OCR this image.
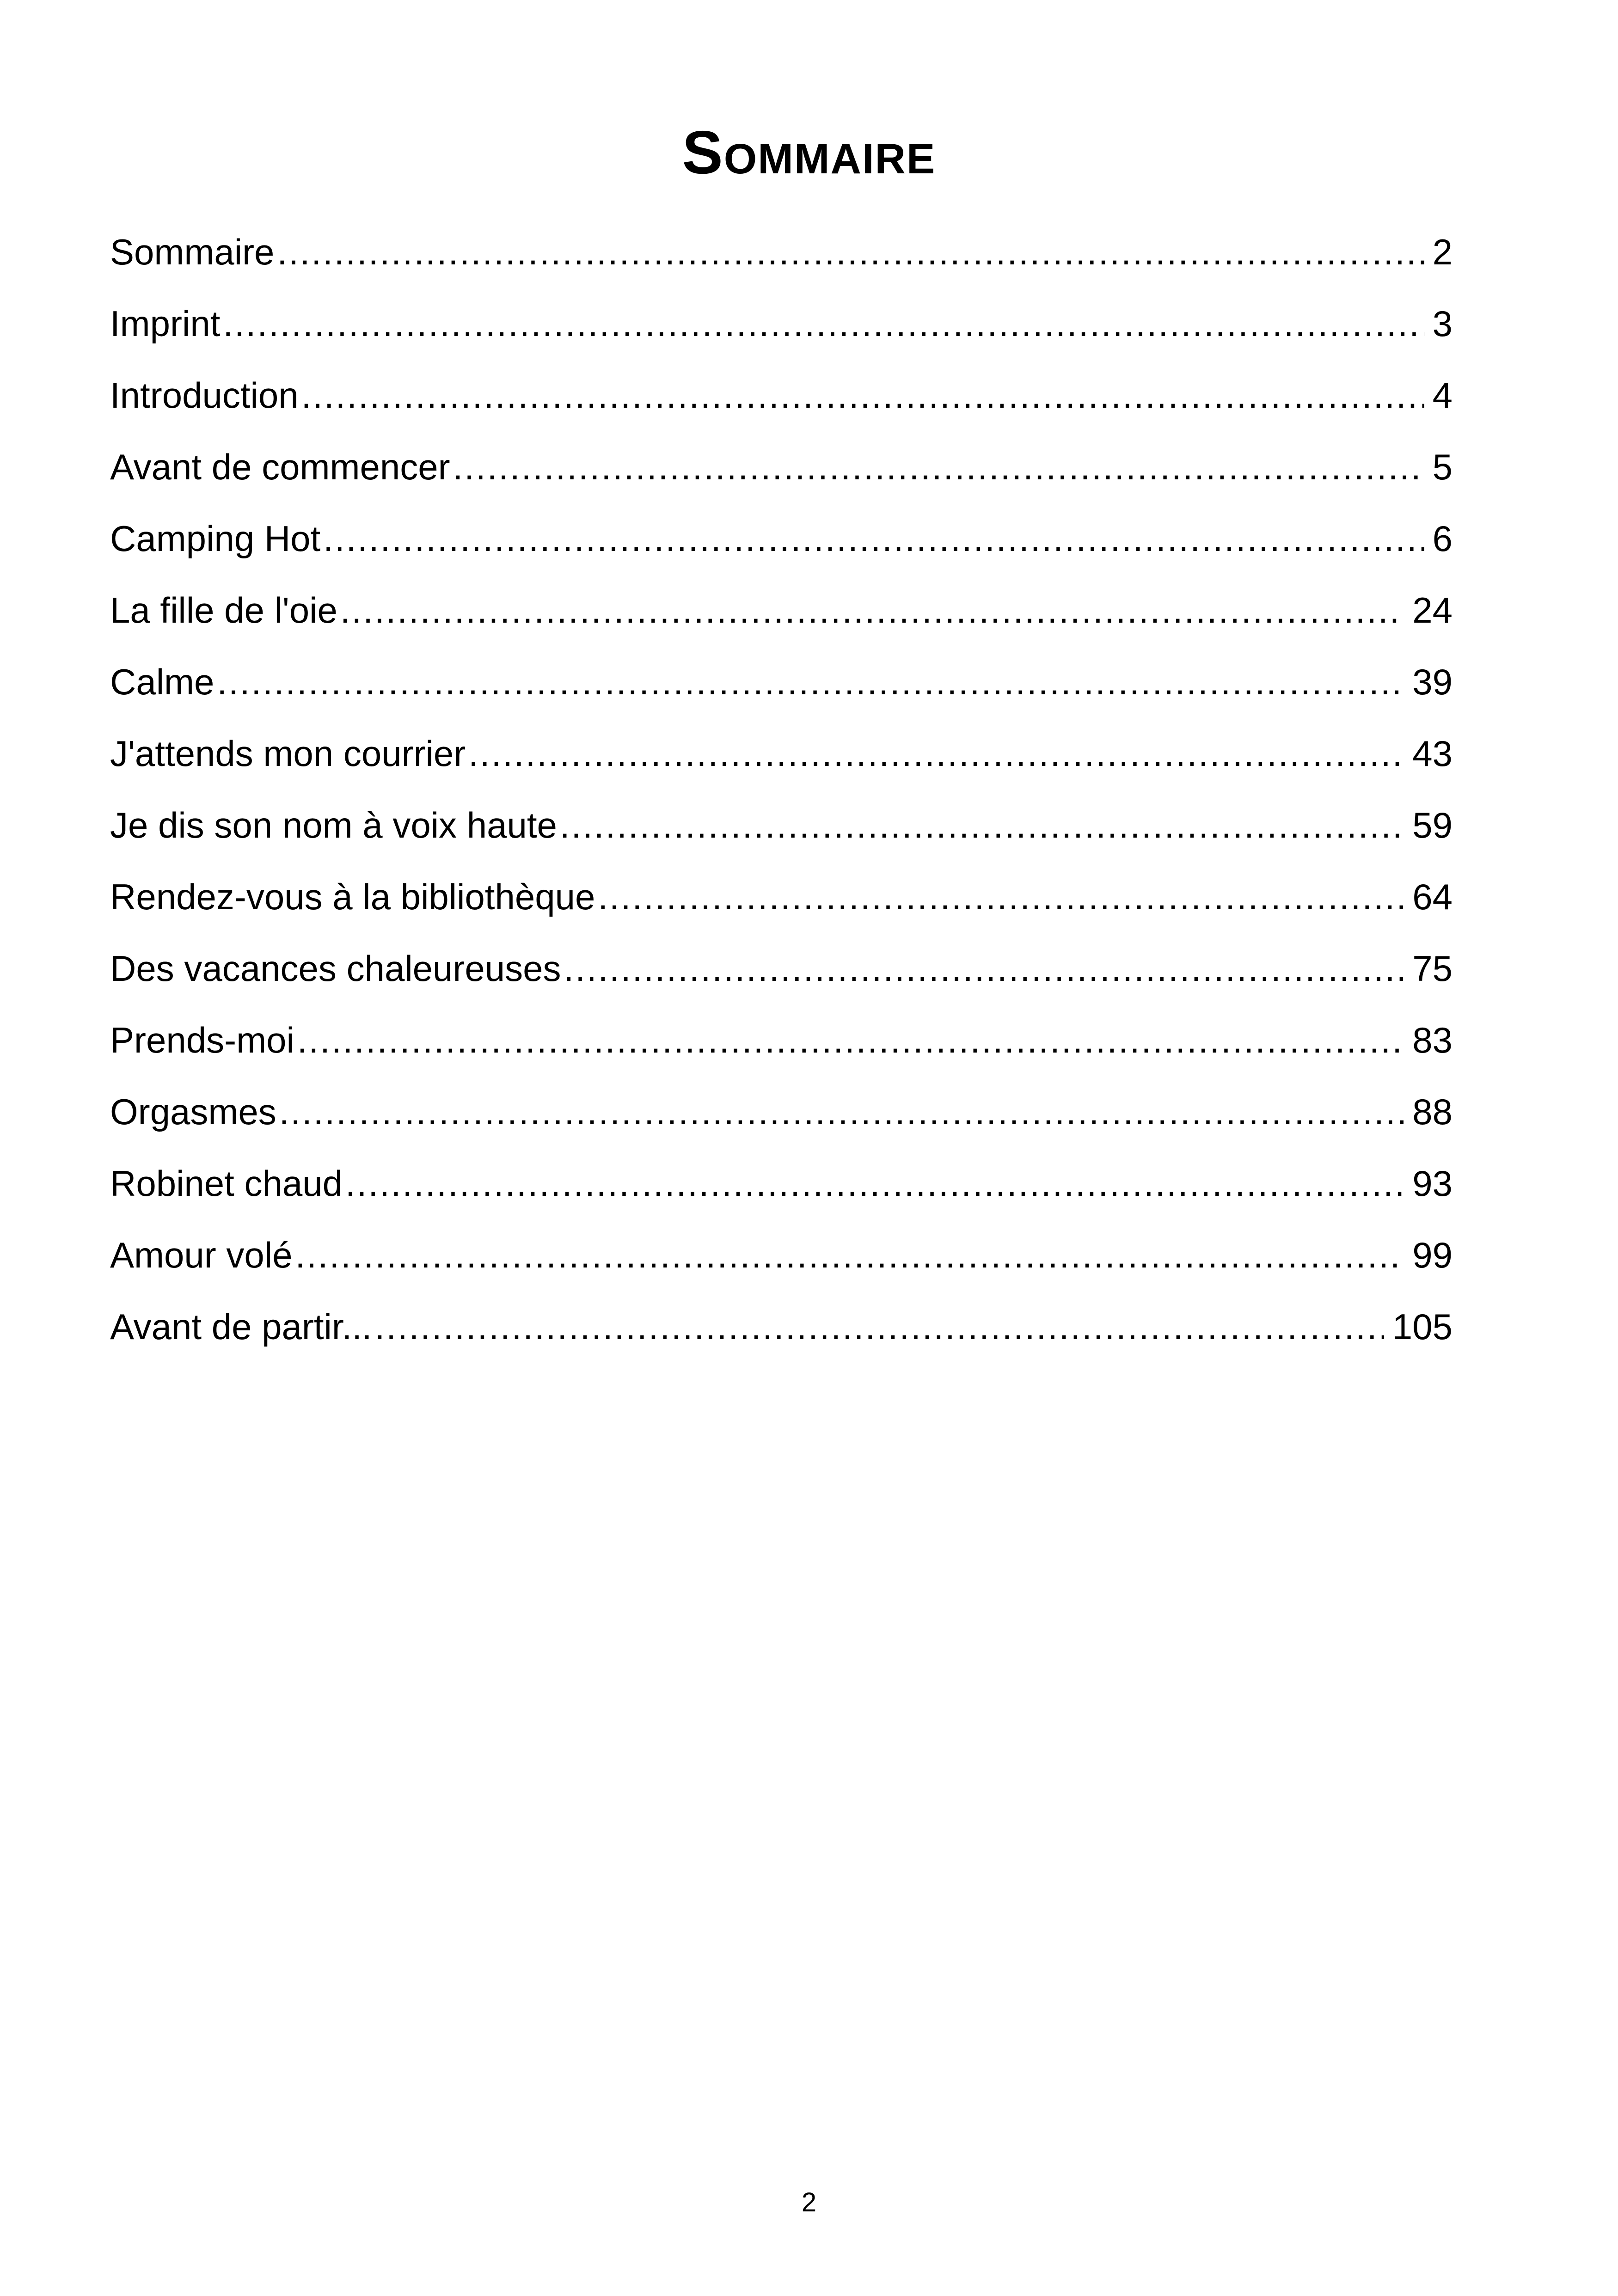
Sommaire
Sommaire .....	2
Imprint .....	3
Introduction .....	4
Avant de commencer .....	5
Camping Hot .....	6
La fille de l'oie .....	24
Calme .....	39
J'attends mon courrier .....	43
Je dis son nom à voix haute .....	59
Rendez-vous à la bibliothèque .....	64
Des vacances chaleureuses .....	75
Prends-moi .....	83
Orgasmes .....	88
Robinet chaud .....	93
Amour volé .....	99
Avant de partir... .....	105
2
